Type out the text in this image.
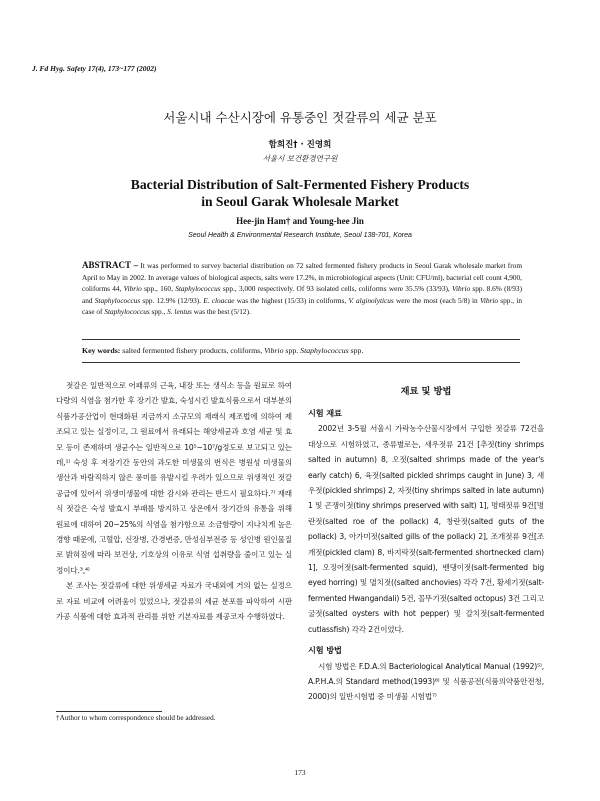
J. Fd Hyg. Safety 17(4), 173~177 (2002)
서울시내 수산시장에 유통중인 젓갈류의 세균 분포
함희진† · 진영희
서울시 보건환경연구원
Bacterial Distribution of Salt-Fermented Fishery Products
in Seoul Garak Wholesale Market
Hee-jin Ham† and Young-hee Jin
Seoul Health & Environmental Research Institute, Seoul 138-701, Korea
ABSTRACT – It was performed to survey bacterial distribution on 72 salted fermented fishery products in Seoul Garak wholesale market from April to May in 2002. In average values of biological aspects, salts were 17.2%, in microbiological aspects (Unit: CFU/ml), bacterial cell count 4,900, coliforms 44, Vibrio spp., 160, Staphylococcus spp., 3,000 respectively. Of 93 isolated cells, coliforms were 35.5% (33/93), Vibrio spp. 8.6% (8/93) and Staphylococcus spp. 12.9% (12/93). E. cloacae was the highest (15/33) in coliforms, V. alginolyticus were the most (each 5/8) in Vibrio spp., in case of Staphylococcus spp., S. lentus was the best (5/12).
Key words: salted fermented fishery products, coliforms, Vibrio spp. Staphylococcus spp.

젓갈은 일반적으로 어패류의 근육, 내장 또는 생식소 등을 원료로 하여 다량의 식염을 첨가한 후 장기간 발효, 숙성시킨 발효식품으로서 대부분의 식품가공산업이 현대화된 지금까지 소규모의 재래식 제조법에 의하여 제조되고 있는 실정이고, 그 원료에서 유래되는 해양세균과 호염 세균 및 효모 등이 존재하며 생균수는 일반적으로 10⁵~10⁷/g정도로 보고되고 있는데,¹⁾ 숙성 후 저장기간 동안의 과도한 미생물의 번식은 병원성 미생물의 생산과 바람직하지 않은 풍미를 유발시킬 우려가 있으므로 위생적인 젓갈 공급에 있어서 위생미생물에 대한 감시와 관리는 반드시 필요하다.⁷⁾ 재래식 젓갈은 숙성 발효시 부패를 방지하고 상온에서 장기간의 유통을 위해 원료에 대하여 20~25%의 식염을 첨가함으로 소금함량이 지나치게 높은 경향 때문에, 고혈압, 신장병, 간경변증, 만성심부전증 등 성인병 원인물질로 밝혀짐에 따라 보건상, 기호상의 이유로 식염 섭취량을 줄이고 있는 실정이다.³,⁴⁾

본 조사는 젓갈류에 대한 위생세균 자료가 국내외에 거의 없는 실정으로 자료 비교에 어려움이 있었으나, 젓갈류의 세균 분포를 파악하여 시판 가공 식품에 대한 효과적 관리를 위한 기본자료를 제공코자 수행하였다.

재료 및 방법
시험 재료

2002년 3-5월 서울시 가락농수산물시장에서 구입한 젓갈류 72건을 대상으로 시험하였고, 종류별로는, 새우젓류 21건 [추젓(tiny shrimps salted in autumn) 8, 오젓(salted shrimps made of the year's early catch) 6, 육젓(salted pickled shrimps caught in June) 3, 새우젓(pickled shrimps) 2, 자젓(tiny shrimps salted in late autumn) 1 및 곤쟁이젓(tiny shrimps preserved with salt) 1], 명태젓류 9건[명란젓(salted roe of the pollack) 4, 창란젓(salted guts of the pollack) 3, 아가미젓(salted gills of the pollack) 2], 조개젓류 9건[조개젓(pickled clam) 8, 바지락젓(salt-fermented shortnecked clam) 1], 오징어젓(salt-fermented squid), 밴댕이젓(salt-fermented big eyed horring) 및 멸치젓((salted anchovies) 각각 7건, 황세기젓(salt-fermented Hwangandali) 5건, 꼴뚜기젓(salted octopus) 3건 그리고 굴젓(salted oysters with hot pepper) 및 갈치젓(salt-fermented cutlassfish) 각각 2건이었다.

시험 방법

시험 방법은 F.D.A.의 Bacteriological Analytical Manual (1992)⁵⁾, A.P.H.A.의 Standard method(1993)⁶⁾ 및 식품공전(식품의약품안전청, 2000)의 일반시험법 중 미생물 시험법⁷⁾

†Author to whom correspondence should be addressed.
173
